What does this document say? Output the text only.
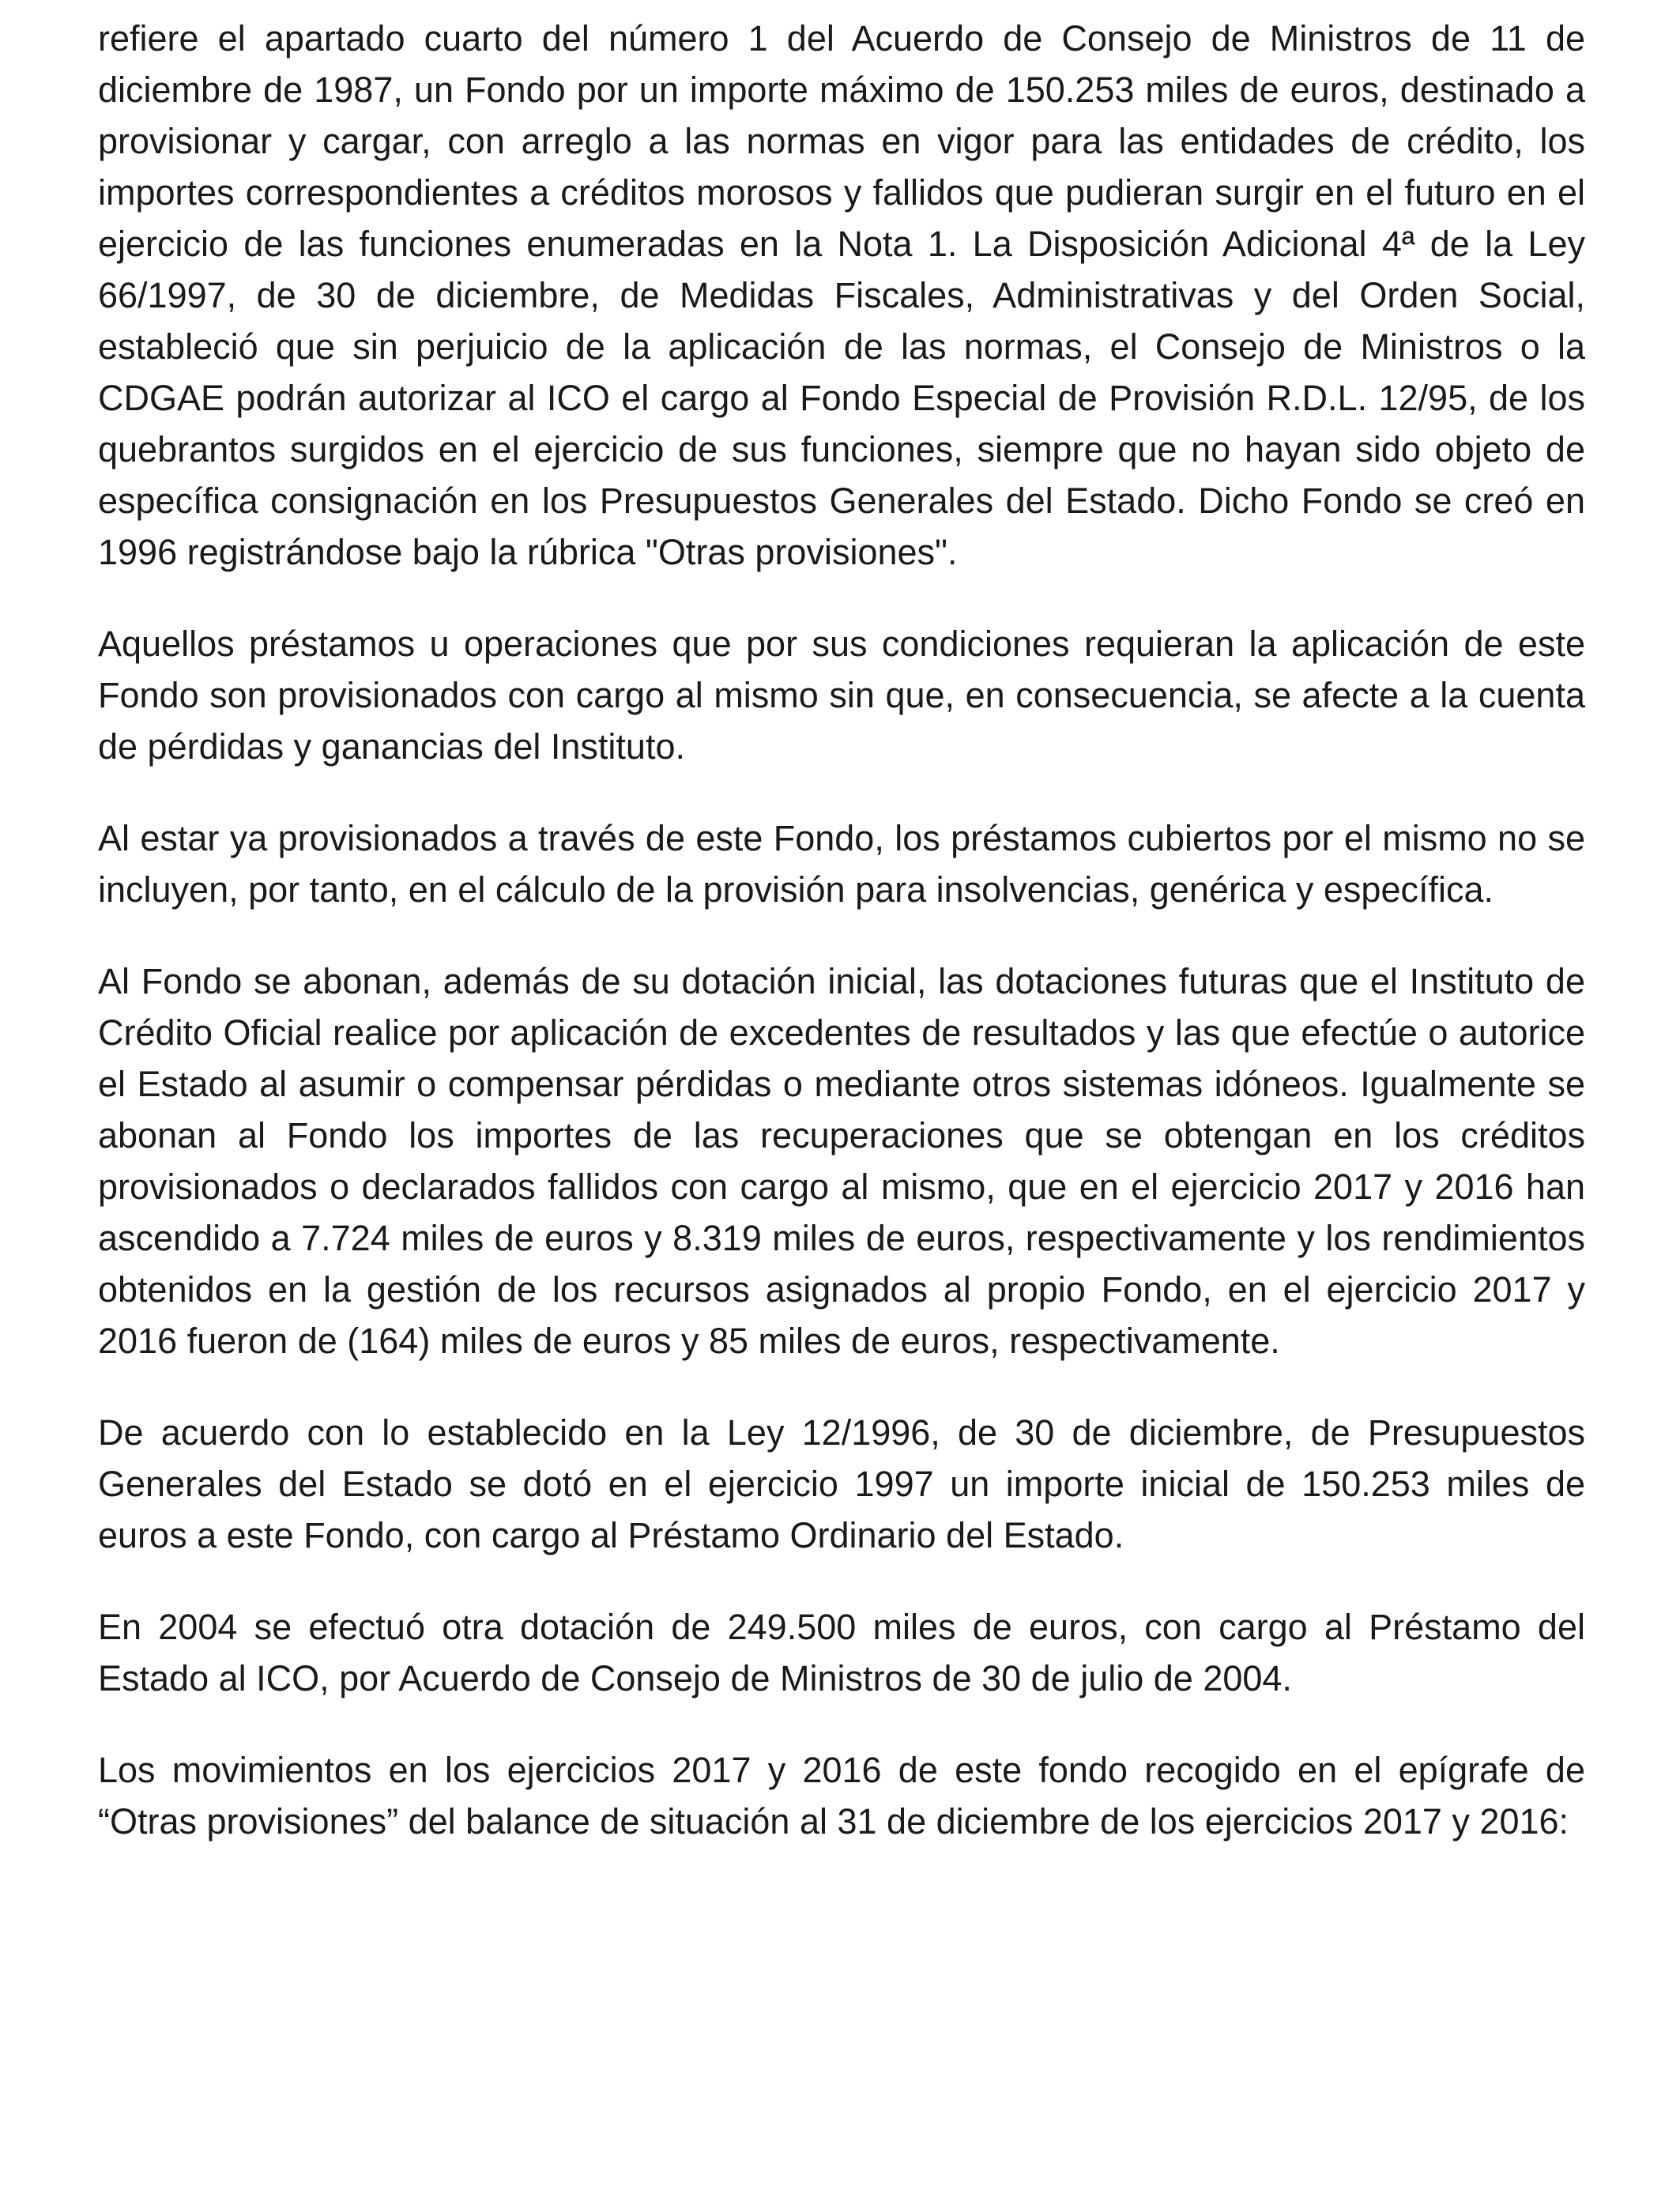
refiere el apartado cuarto del número 1 del Acuerdo de Consejo de Ministros de 11 de diciembre de 1987, un Fondo por un importe máximo de 150.253 miles de euros, destinado a provisionar y cargar, con arreglo a las normas en vigor para las entidades de crédito, los importes correspondientes a créditos morosos y fallidos que pudieran surgir en el futuro en el ejercicio de las funciones enumeradas en la Nota 1. La Disposición Adicional 4ª de la Ley 66/1997, de 30 de diciembre, de Medidas Fiscales, Administrativas y del Orden Social, estableció que sin perjuicio de la aplicación de las normas, el Consejo de Ministros o la CDGAE podrán autorizar al ICO el cargo al Fondo Especial de Provisión R.D.L. 12/95, de los quebrantos surgidos en el ejercicio de sus funciones, siempre que no hayan sido objeto de específica consignación en los Presupuestos Generales del Estado. Dicho Fondo se creó en 1996 registrándose bajo la rúbrica "Otras provisiones".

Aquellos préstamos u operaciones que por sus condiciones requieran la aplicación de este Fondo son provisionados con cargo al mismo sin que, en consecuencia, se afecte a la cuenta de pérdidas y ganancias del Instituto.

Al estar ya provisionados a través de este Fondo, los préstamos cubiertos por el mismo no se incluyen, por tanto, en el cálculo de la provisión para insolvencias, genérica y específica.

Al Fondo se abonan, además de su dotación inicial, las dotaciones futuras que el Instituto de Crédito Oficial realice por aplicación de excedentes de resultados y las que efectúe o autorice el Estado al asumir o compensar pérdidas o mediante otros sistemas idóneos. Igualmente se abonan al Fondo los importes de las recuperaciones que se obtengan en los créditos provisionados o declarados fallidos con cargo al mismo, que en el ejercicio 2017 y 2016 han ascendido a 7.724 miles de euros y 8.319 miles de euros, respectivamente y los rendimientos obtenidos en la gestión de los recursos asignados al propio Fondo, en el ejercicio 2017 y 2016 fueron de (164) miles de euros y 85 miles de euros, respectivamente.

De acuerdo con lo establecido en la Ley 12/1996, de 30 de diciembre, de Presupuestos Generales del Estado se dotó en el ejercicio 1997 un importe inicial de 150.253 miles de euros a este Fondo, con cargo al Préstamo Ordinario del Estado.

En 2004 se efectuó otra dotación de 249.500 miles de euros, con cargo al Préstamo del Estado al ICO, por Acuerdo de Consejo de Ministros de 30 de julio de 2004.

Los movimientos en los ejercicios 2017 y 2016 de este fondo recogido en el epígrafe de “Otras provisiones” del balance de situación al 31 de diciembre de los ejercicios 2017 y 2016:
